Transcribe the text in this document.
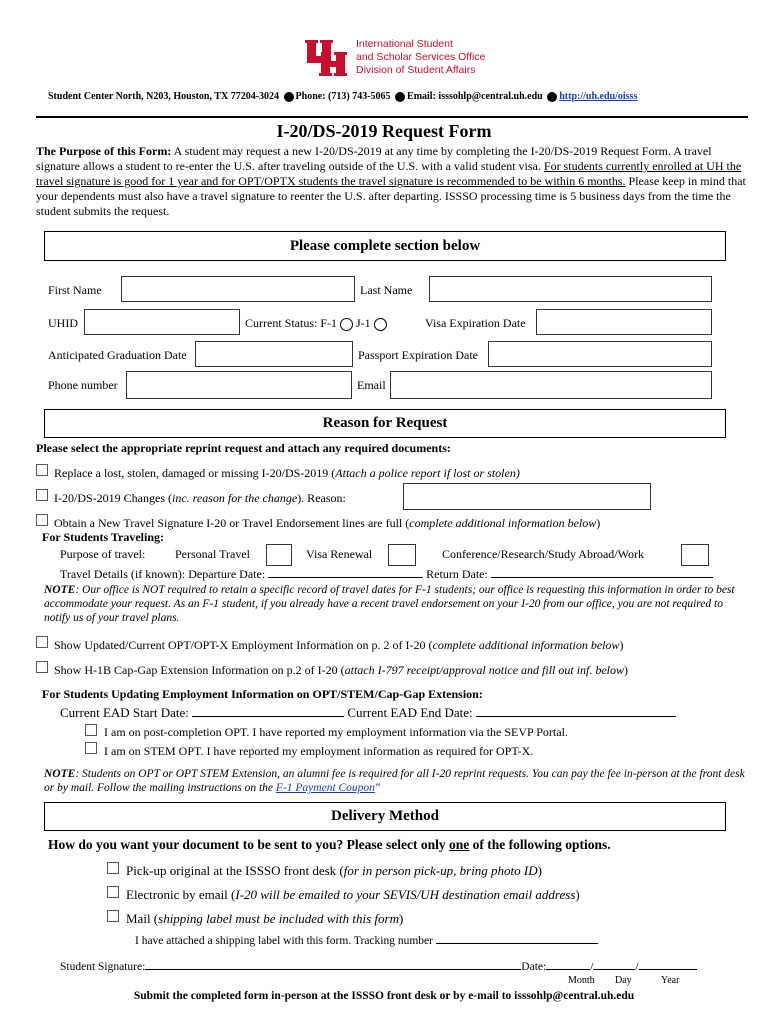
International Student
and Scholar Services Office
Division of Student Affairs
Student Center North, N203, Houston, TX 77204-3024 Phone: (713) 743-5065 Email: isssohlp@central.uh.edu http://uh.edu/oisss
I-20/DS-2019 Request Form
The Purpose of this Form: A student may request a new I-20/DS-2019 at any time by completing the I-20/DS-2019 Request Form. A travel signature allows a student to re-enter the U.S. after traveling outside of the U.S. with a valid student visa. For students currently enrolled at UH the travel signature is good for 1 year and for OPT/OPTX students the travel signature is recommended to be within 6 months. Please keep in mind that your dependents must also have a travel signature to reenter the U.S. after departing. ISSSO processing time is 5 business days from the time the student submits the request.
Please complete section below
First Name	Last Name
UHID	Current Status: F-1 J-1	Visa Expiration Date
Anticipated Graduation Date	Passport Expiration Date
Phone number	Email
Reason for Request
Please select the appropriate reprint request and attach any required documents:
Replace a lost, stolen, damaged or missing I-20/DS-2019 (Attach a police report if lost or stolen)
I-20/DS-2019 Changes (inc. reason for the change). Reason:
Obtain a New Travel Signature I-20 or Travel Endorsement lines are full (complete additional information below)
For Students Traveling:
Purpose of travel: Personal Travel	Visa Renewal	Conference/Research/Study Abroad/Work
Travel Details (if known): Departure Date:	Return Date:
NOTE: Our office is NOT required to retain a specific record of travel dates for F-1 students; our office is requesting this information in order to best accommodate your request. As an F-1 student, if you already have a recent travel endorsement on your I-20 from our office, you are not required to notify us of your travel plans.
Show Updated/Current OPT/OPT-X Employment Information on p. 2 of I-20 (complete additional information below)
Show H-1B Cap-Gap Extension Information on p.2 of I-20 (attach I-797 receipt/approval notice and fill out inf. below)
For Students Updating Employment Information on OPT/STEM/Cap-Gap Extension:
Current EAD Start Date:	Current EAD End Date:
I am on post-completion OPT. I have reported my employment information via the SEVP Portal.
I am on STEM OPT. I have reported my employment information as required for OPT-X.
NOTE: Students on OPT or OPT STEM Extension, an alumni fee is required for all I-20 reprint requests. You can pay the fee in-person at the front desk or by mail. Follow the mailing instructions on the F-1 Payment Coupon"
Delivery Method
How do you want your document to be sent to you? Please select only one of the following options.
Pick-up original at the ISSSO front desk (for in person pick-up, bring photo ID)
Electronic by email (I-20 will be emailed to your SEVIS/UH destination email address)
Mail (shipping label must be included with this form)
I have attached a shipping label with this form. Tracking number
Student Signature:	Date:	/	/
Month Day	Year
Submit the completed form in-person at the ISSSO front desk or by e-mail to isssohlp@central.uh.edu
